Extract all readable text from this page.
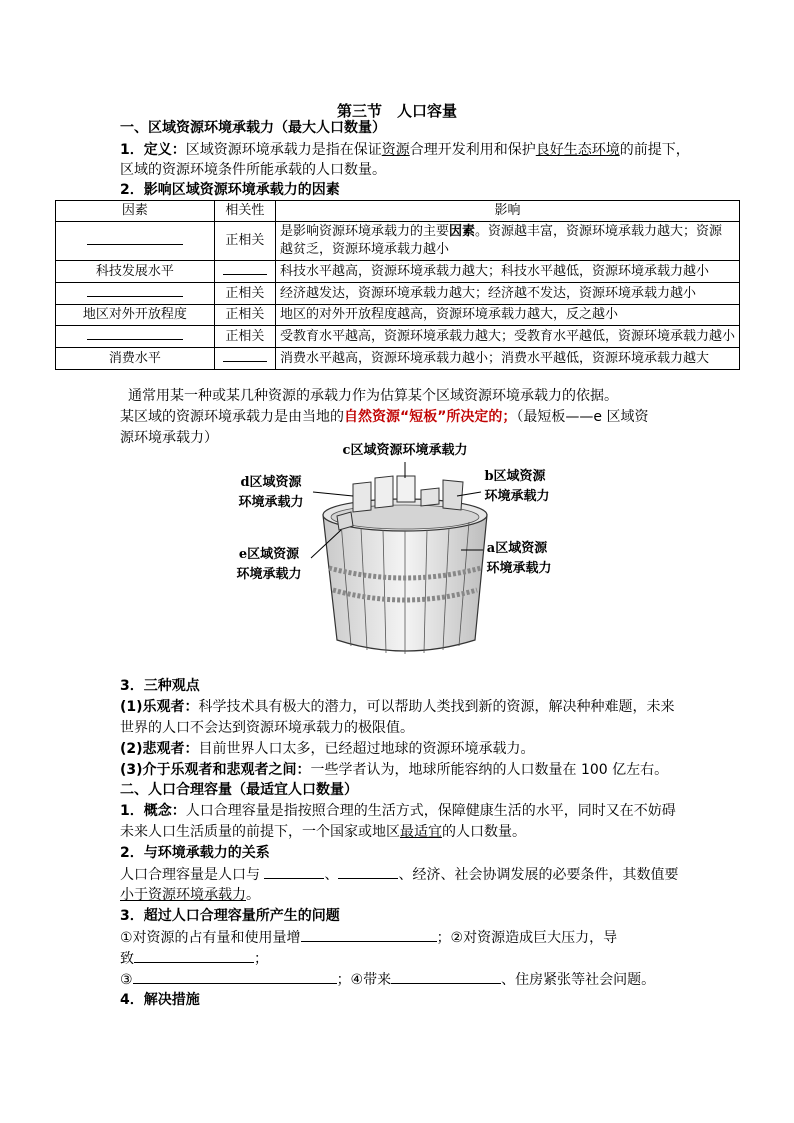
第三节　人口容量
一、区域资源环境承载力（最大人口数量）
1．定义：区域资源环境承载力是指在保证资源合理开发利用和保护良好生态环境的前提下，
区域的资源环境条件所能承载的人口数量。
2．影响区域资源环境承载力的因素
因素	相关性	影响
	正相关	是影响资源环境承载力的主要因素。资源越丰富，资源环境承载力越大；资源越贫乏，资源环境承载力越小
科技发展水平		科技水平越高，资源环境承载力越大；科技水平越低，资源环境承载力越小
	正相关	经济越发达，资源环境承载力越大；经济越不发达，资源环境承载力越小
地区对外开放程度	正相关	地区的对外开放程度越高，资源环境承载力越大，反之越小
	正相关	受教育水平越高，资源环境承载力越大；受教育水平越低，资源环境承载力越小
消费水平		消费水平越高，资源环境承载力越小；消费水平越低，资源环境承载力越大
通常用某一种或某几种资源的承载力作为估算某个区域资源环境承载力的依据。
某区域的资源环境承载力是由当地的自然资源“短板”所决定的；（最短板——e 区域资
源环境承载力）
c区域资源环境承载力
d区域资源
环境承载力
b区域资源
环境承载力
e区域资源
环境承载力
a区域资源
环境承载力
3．三种观点
(1)乐观者：科学技术具有极大的潜力，可以帮助人类找到新的资源，解决种种难题，未来
世界的人口不会达到资源环境承载力的极限值。
(2)悲观者：目前世界人口太多，已经超过地球的资源环境承载力。
(3)介于乐观者和悲观者之间：一些学者认为，地球所能容纳的人口数量在 100 亿左右。
二、人口合理容量（最适宜人口数量）
1．概念：人口合理容量是指按照合理的生活方式，保障健康生活的水平，同时又在不妨碍
未来人口生活质量的前提下，一个国家或地区最适宜的人口数量。
2．与环境承载力的关系
人口合理容量是人口与	、	、经济、社会协调发展的必要条件，其数值要
小于资源环境承载力。
3．超过人口合理容量所产生的问题
①对资源的占有量和使用量增	；②对资源造成巨大压力，导
致	；
③	；④带来	、住房紧张等社会问题。
4．解决措施
